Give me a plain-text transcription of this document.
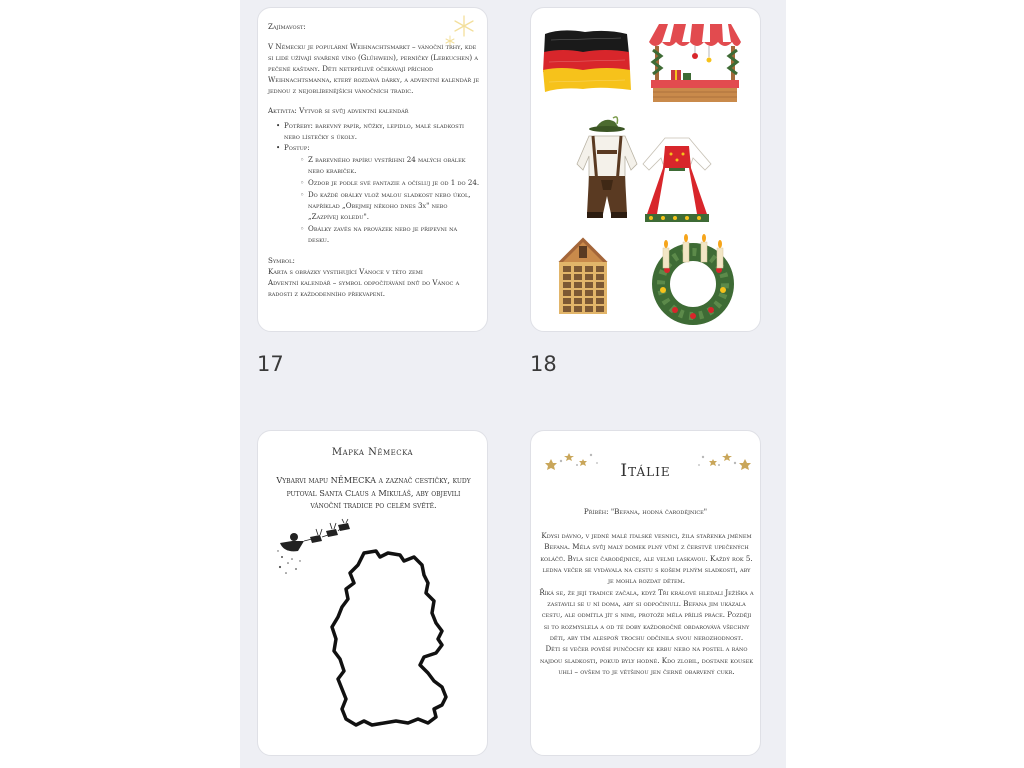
Zajímavost:

V Německu je populární Weihnachtsmarkt – vánoční trhy, kde si lidé užívají svařené víno (Glühwein), perníčky (Lebkuchen) a pečené kaštany. Děti netrpělivě očekávají příchod Weihnachtsmanna, který rozdává dárky, a adventní kalendář je jednou z nejoblíbenějších vánočních tradic.

Aktivita: Vytvoř si svůj adventní kalendář

• Potřeby: barevný papír, nůžky, lepidlo, malé sladkosti nebo lístečky s úkoly.
• Postup:
◦ Z barevného papíru vystřihni 24 malých obálek nebo krabiček.
◦ Ozdob je podle své fantazie a očísluj je od 1 do 24.
◦ Do každé obálky vlož malou sladkost nebo úkol, například „Obejmej někoho dnes 3x" nebo „Zazpívej koledu".
◦ Obálky zavěs na provázek nebo je připevni na desku.

Symbol:

Karta s obrázky vystihující Vánoce v této zemi

Adventní kalendář – symbol odpočítávání dnů do Vánoc a radosti z každodenního překvapení.

17	18
Mapka Německa
Vybarvi mapu NĚMECKA a zaznač cestičky, kudy putoval Santa Claus a Mikuláš, aby objevili vánoční tradice po celém světě.
Itálie
Příběh: "Befana, hodná čarodějnice"

Kdysi dávno, v jedné malé italské vesnici, žila stařenka jménem Befana. Měla svůj malý domek plný vůní z čerstvě upečených koláčů. Byla sice čarodějnice, ale velmi laskavou. Každý rok 5. ledna večer se vydávala na cestu s košem plným sladkostí, aby je mohla rozdat dětem.

Říká se, že její tradice začala, když Tři králové hledali Ježíška a zastavili se u ní doma, aby si odpočinuli. Befana jim ukázala cestu, ale odmítla jít s nimi, protože měla příliš práce. Později si to rozmyslela a od té doby každoročně obdarovává všechny děti, aby tím alespoň trochu odčinila svou nerozhodnost.

Děti si večer pověsí punčochy ke krbu nebo na postel a ráno najdou sladkosti, pokud byly hodné. Kdo zlobil, dostane kousek uhlí – ovšem to je většinou jen černě obarvený cukr.
